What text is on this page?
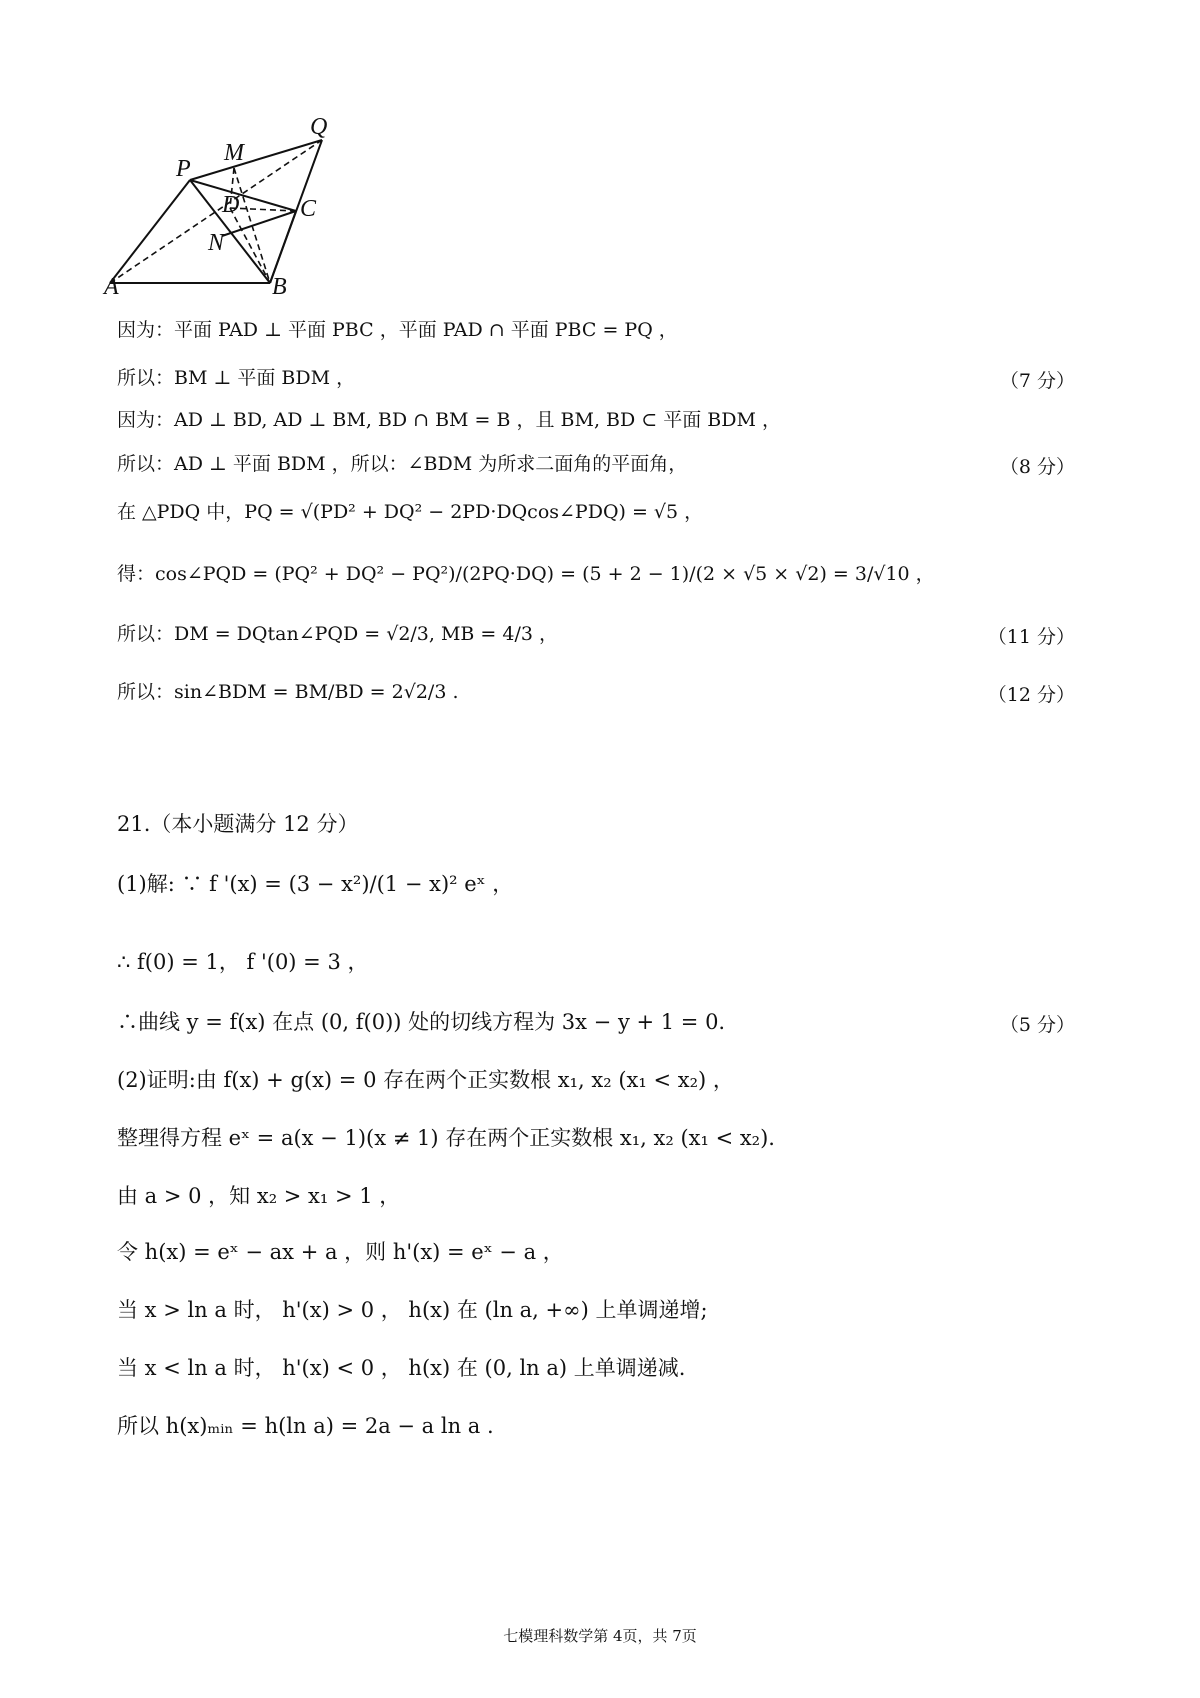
Q
M
P
D	C
N
A	B
因为：平面 PAD ⊥ 平面 PBC ，平面 PAD ∩ 平面 PBC = PQ ，
所以：BM ⊥ 平面 BDM ，	（7 分）
因为：AD ⊥ BD, AD ⊥ BM, BD ∩ BM = B ，且 BM, BD ⊂ 平面 BDM ，
所以：AD ⊥ 平面 BDM ，所以：∠BDM 为所求二面角的平面角，	（8 分）
在 △PDQ 中，PQ = √(PD² + DQ² − 2PD·DQcos∠PDQ) = √5 ，
得：cos∠PQD = (PQ² + DQ² − PQ²)/(2PQ·DQ) = (5 + 2 − 1)/(2 × √5 × √2) = 3/√10 ，
所以：DM = DQtan∠PQD = √2/3, MB = 4/3 ，	（11 分）
所以：sin∠BDM = BM/BD = 2√2/3 .	（12 分）
21.（本小题满分 12 分）
(1)解: ∵ f '(x) = (3 − x²)/(1 − x)² eˣ ，
∴ f(0) = 1， f '(0) = 3 ，
∴曲线 y = f(x) 在点 (0, f(0)) 处的切线方程为 3x − y + 1 = 0.	（5 分）
(2)证明:由 f(x) + g(x) = 0 存在两个正实数根 x₁, x₂ (x₁ < x₂) ，
整理得方程 eˣ = a(x − 1)(x ≠ 1) 存在两个正实数根 x₁, x₂ (x₁ < x₂).
由 a > 0 ，知 x₂ > x₁ > 1 ，
令 h(x) = eˣ − ax + a ，则 h'(x) = eˣ − a ，
当 x > ln a 时， h'(x) > 0 ， h(x) 在 (ln a, +∞) 上单调递增;
当 x < ln a 时， h'(x) < 0 ， h(x) 在 (0, ln a) 上单调递减.
所以 h(x)ₘᵢₙ = h(ln a) = 2a − a ln a .
七模理科数学第 4页，共 7页
